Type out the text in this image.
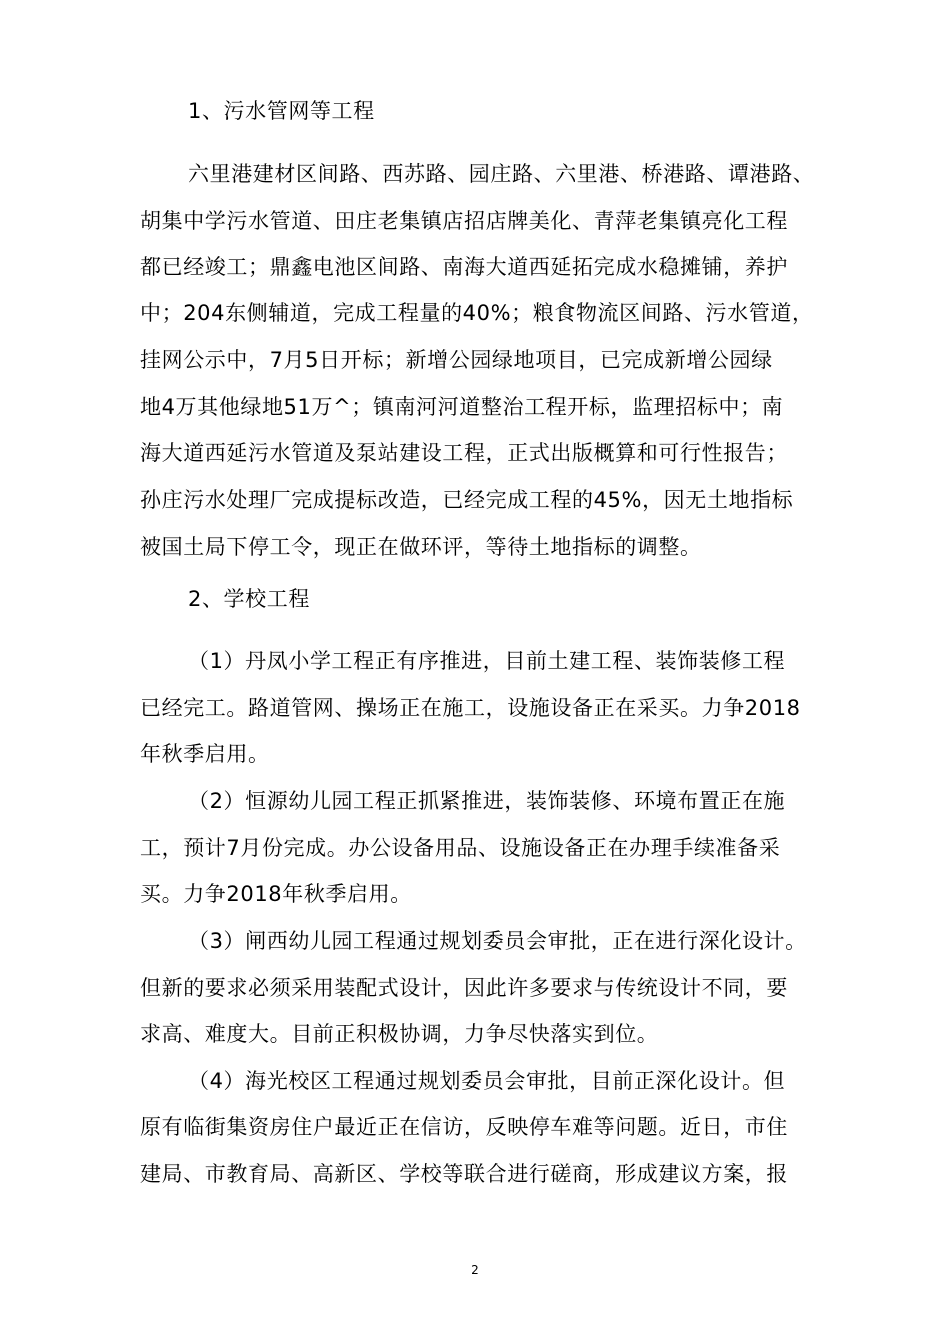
1、污水管网等工程
六里港建材区间路、西苏路、园庄路、六里港、桥港路、谭港路、
胡集中学污水管道、田庄老集镇店招店牌美化、青萍老集镇亮化工程
都已经竣工；鼎鑫电池区间路、南海大道西延拓完成水稳摊铺，养护
中；204东侧辅道，完成工程量的40%；粮食物流区间路、污水管道，
挂网公示中，7月5日开标；新增公园绿地项目，已完成新增公园绿
地4万其他绿地51万^；镇南河河道整治工程开标，监理招标中；南
海大道西延污水管道及泵站建设工程，正式出版概算和可行性报告；
孙庄污水处理厂完成提标改造，已经完成工程的45%，因无土地指标
被国土局下停工令，现正在做环评，等待土地指标的调整。
2、学校工程
（1）丹凤小学工程正有序推进，目前土建工程、装饰装修工程
已经完工。路道管网、操场正在施工，设施设备正在采买。力争2018
年秋季启用。
（2）恒源幼儿园工程正抓紧推进，装饰装修、环境布置正在施
工，预计7月份完成。办公设备用品、设施设备正在办理手续准备采
买。力争2018年秋季启用。
（3）闸西幼儿园工程通过规划委员会审批，正在进行深化设计。
但新的要求必须采用装配式设计，因此许多要求与传统设计不同，要
求高、难度大。目前正积极协调，力争尽快落实到位。
（4）海光校区工程通过规划委员会审批，目前正深化设计。但
原有临街集资房住户最近正在信访，反映停车难等问题。近日，市住
建局、市教育局、高新区、学校等联合进行磋商，形成建议方案，报
2
